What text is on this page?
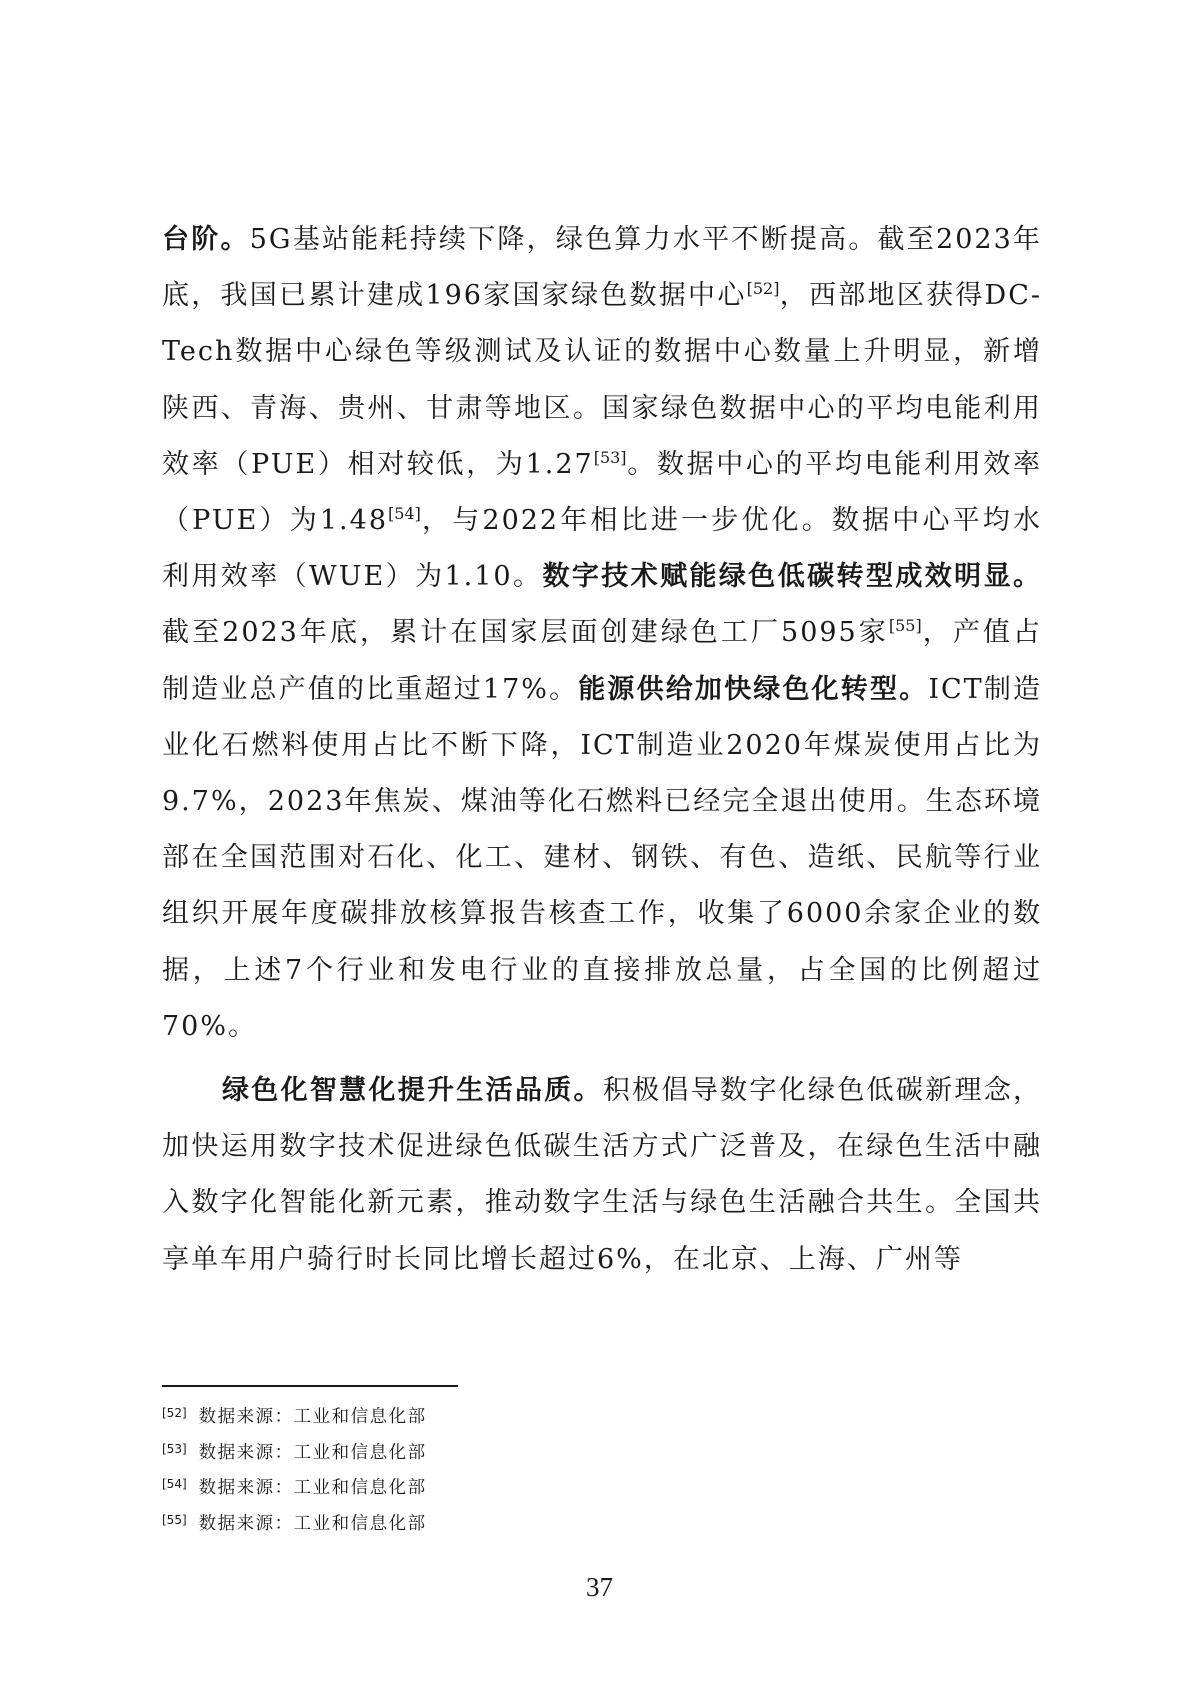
台阶。5G基站能耗持续下降，绿色算力水平不断提高。截至2023年底，我国已累计建成196家国家绿色数据中心[52]，西部地区获得DC-Tech数据中心绿色等级测试及认证的数据中心数量上升明显，新增陕西、青海、贵州、甘肃等地区。国家绿色数据中心的平均电能利用效率（PUE）相对较低，为1.27[53]。数据中心的平均电能利用效率（PUE）为1.48[54]，与2022年相比进一步优化。数据中心平均水利用效率（WUE）为1.10。数字技术赋能绿色低碳转型成效明显。截至2023年底，累计在国家层面创建绿色工厂5095家[55]，产值占制造业总产值的比重超过17%。能源供给加快绿色化转型。ICT制造业化石燃料使用占比不断下降，ICT制造业2020年煤炭使用占比为9.7%，2023年焦炭、煤油等化石燃料已经完全退出使用。生态环境部在全国范围对石化、化工、建材、钢铁、有色、造纸、民航等行业组织开展年度碳排放核算报告核查工作，收集了6000余家企业的数据，上述7个行业和发电行业的直接排放总量，占全国的比例超过70%。

绿色化智慧化提升生活品质。积极倡导数字化绿色低碳新理念，加快运用数字技术促进绿色低碳生活方式广泛普及，在绿色生活中融入数字化智能化新元素，推动数字生活与绿色生活融合共生。全国共享单车用户骑行时长同比增长超过6%，在北京、上海、广州等

[52] 数据来源：工业和信息化部
[53] 数据来源：工业和信息化部
[54] 数据来源：工业和信息化部
[55] 数据来源：工业和信息化部
37
